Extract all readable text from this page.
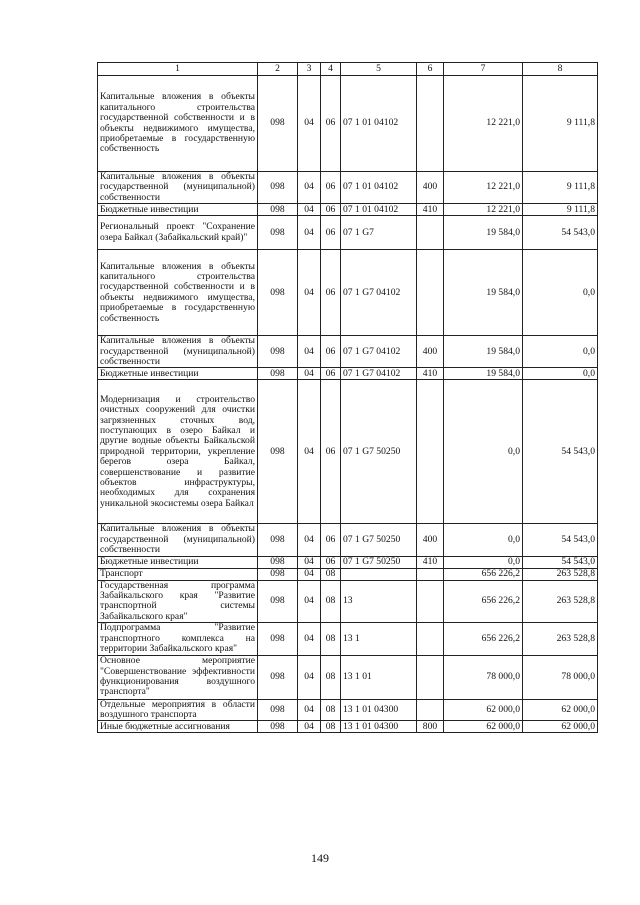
1	2	3	4	5	6	7	8
Капитальные вложения в объекты капитального строительства государственной собственности и в объекты недвижимого имущества, приобретаемые в государственную собственность	098	04	06	07 1 01 04102		12 221,0	9 111,8
Капитальные вложения в объекты государственной (муниципальной) собственности	098	04	06	07 1 01 04102	400	12 221,0	9 111,8
Бюджетные инвестиции	098	04	06	07 1 01 04102	410	12 221,0	9 111,8
Региональный проект "Сохранение озера Байкал (Забайкальский край)"	098	04	06	07 1 G7		19 584,0	54 543,0
Капитальные вложения в объекты капитального строительства государственной собственности и в объекты недвижимого имущества, приобретаемые в государственную собственность	098	04	06	07 1 G7 04102		19 584,0	0,0
Капитальные вложения в объекты государственной (муниципальной) собственности	098	04	06	07 1 G7 04102	400	19 584,0	0,0
Бюджетные инвестиции	098	04	06	07 1 G7 04102	410	19 584,0	0,0
Модернизация и строительство очистных сооружений для очистки загрязненных сточных вод, поступающих в озеро Байкал и другие водные объекты Байкальской природной территории, укрепление берегов озера Байкал, совершенствование и развитие объектов инфраструктуры, необходимых для сохранения уникальной экосистемы озера Байкал	098	04	06	07 1 G7 50250		0,0	54 543,0
Капитальные вложения в объекты государственной (муниципальной) собственности	098	04	06	07 1 G7 50250	400	0,0	54 543,0
Бюджетные инвестиции	098	04	06	07 1 G7 50250	410	0,0	54 543,0
Транспорт	098	04	08			656 226,2	263 528,8
Государственная программа Забайкальского края "Развитие транспортной системы Забайкальского края"	098	04	08	13		656 226,2	263 528,8
Подпрограмма "Развитие транспортного комплекса на территории Забайкальского края"	098	04	08	13 1		656 226,2	263 528,8
Основное мероприятие "Совершенствование эффективности функционирования воздушного транспорта"	098	04	08	13 1 01		78 000,0	78 000,0
Отдельные мероприятия в области воздушного транспорта	098	04	08	13 1 01 04300		62 000,0	62 000,0
Иные бюджетные ассигнования	098	04	08	13 1 01 04300	800	62 000,0	62 000,0
149
